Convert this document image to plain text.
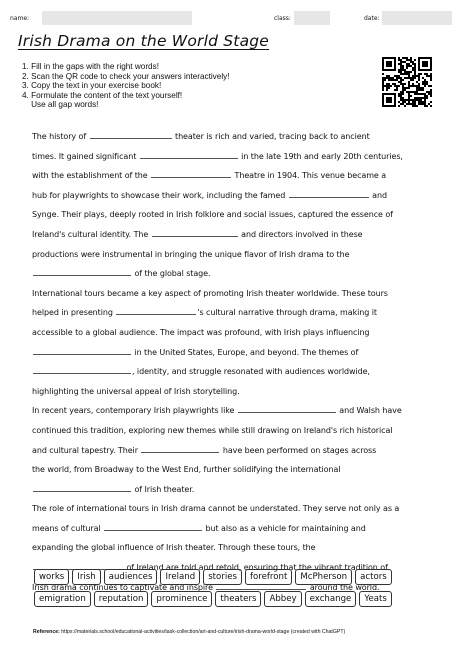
name:	class:	date:
Irish Drama on the World Stage
1. Fill in the gaps with the right words!
2. Scan the QR code to check your answers interactively!
3. Copy the text in your exercise book!
4. Formulate the content of the text yourself!
Use all gap words!
The history of	theater is rich and varied, tracing back to ancient
times. It gained significant	in the late 19th and early 20th centuries,
with the establishment of the	Theatre in 1904. This venue became a
hub for playwrights to showcase their work, including the famed	and
Synge. Their plays, deeply rooted in Irish folklore and social issues, captured the essence of
Ireland's cultural identity. The	and directors involved in these
productions were instrumental in bringing the unique flavor of Irish drama to the
of the global stage.
International tours became a key aspect of promoting Irish theater worldwide. These tours
helped in presenting	's cultural narrative through drama, making it
accessible to a global audience. The impact was profound, with Irish plays influencing
in the United States, Europe, and beyond. The themes of
, identity, and struggle resonated with audiences worldwide,
highlighting the universal appeal of Irish storytelling.
In recent years, contemporary Irish playwrights like	and Walsh have
continued this tradition, exploring new themes while still drawing on Ireland's rich historical
and cultural tapestry. Their	have been performed on stages across
the world, from Broadway to the West End, further solidifying the international
of Irish theater.
The role of international tours in Irish drama cannot be understated. They serve not only as a
means of cultural	but also as a vehicle for maintaining and
expanding the global influence of Irish theater. Through these tours, the
of Ireland are told and retold, ensuring that the vibrant tradition of
Irish drama continues to captivate and inspire	around the world.
works	Irish	audiences	Ireland	stories	forefront	McPherson	actors
emigration	reputation	prominence	theaters	Abbey	exchange	Yeats
Reference: https://materials.school/educational-activities/task-collection/art-and-culture/irish-drama-world-stage (created with ChatGPT)
